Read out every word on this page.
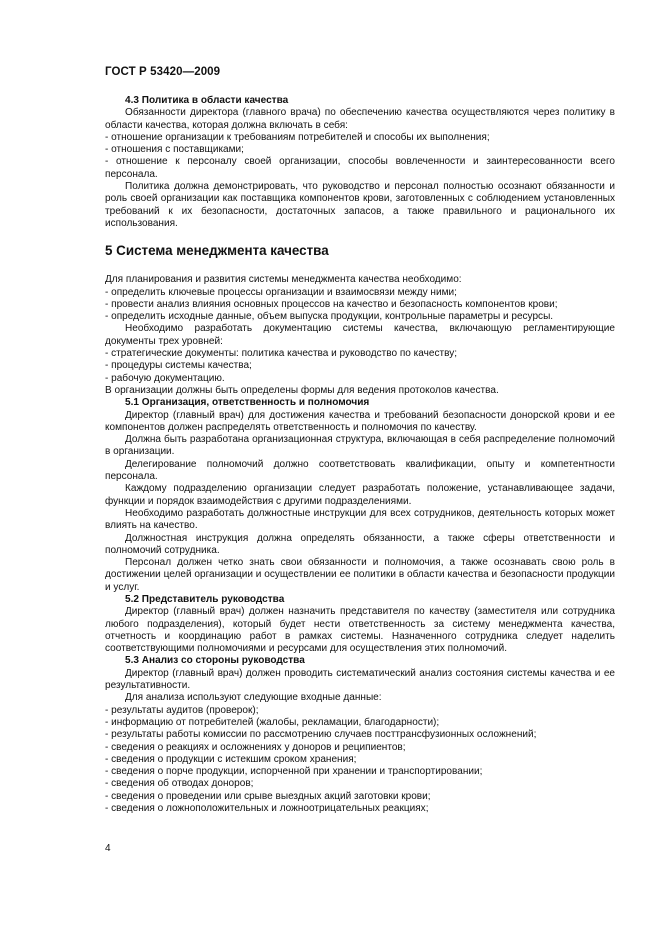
ГОСТ Р 53420—2009

4.3 Политика в области качества

Обязанности директора (главного врача) по обеспечению качества осуществляются через политику в области качества, которая должна включать в себя:

- отношение организации к требованиям потребителей и способы их выполнения;

- отношения с поставщиками;

- отношение к персоналу своей организации, способы вовлеченности и заинтересованности всего персонала.

Политика должна демонстрировать, что руководство и персонал полностью осознают обязанности и роль своей организации как поставщика компонентов крови, заготовленных с соблюдением установленных требований к их безопасности, достаточных запасов, а также правильного и рационального их использования.

5 Система менеджмента качества

Для планирования и развития системы менеджмента качества необходимо:

- определить ключевые процессы организации и взаимосвязи между ними;

- провести анализ влияния основных процессов на качество и безопасность компонентов крови;

- определить исходные данные, объем выпуска продукции, контрольные параметры и ресурсы.

Необходимо разработать документацию системы качества, включающую регламентирующие документы трех уровней:

- стратегические документы: политика качества и руководство по качеству;

- процедуры системы качества;

- рабочую документацию.

В организации должны быть определены формы для ведения протоколов качества.

5.1 Организация, ответственность и полномочия

Директор (главный врач) для достижения качества и требований безопасности донорской крови и ее компонентов должен распределять ответственность и полномочия по качеству.

Должна быть разработана организационная структура, включающая в себя распределение полномочий в организации.

Делегирование полномочий должно соответствовать квалификации, опыту и компетентности персонала.

Каждому подразделению организации следует разработать положение, устанавливающее задачи, функции и порядок взаимодействия с другими подразделениями.

Необходимо разработать должностные инструкции для всех сотрудников, деятельность которых может влиять на качество.

Должностная инструкция должна определять обязанности, а также сферы ответственности и полномочий сотрудника.

Персонал должен четко знать свои обязанности и полномочия, а также осознавать свою роль в достижении целей организации и осуществлении ее политики в области качества и безопасности продукции и услуг.

5.2 Представитель руководства

Директор (главный врач) должен назначить представителя по качеству (заместителя или сотрудника любого подразделения), который будет нести ответственность за систему менеджмента качества, отчетность и координацию работ в рамках системы. Назначенного сотрудника следует наделить соответствующими полномочиями и ресурсами для осуществления этих полномочий.

5.3 Анализ со стороны руководства

Директор (главный врач) должен проводить систематический анализ состояния системы качества и ее результативности.

Для анализа используют следующие входные данные:

- результаты аудитов (проверок);

- информацию от потребителей (жалобы, рекламации, благодарности);

- результаты работы комиссии по рассмотрению случаев посттрансфузионных осложнений;

- сведения о реакциях и осложнениях у доноров и реципиентов;

- сведения о продукции с истекшим сроком хранения;

- сведения о порче продукции, испорченной при хранении и транспортировании;

- сведения об отводах доноров;

- сведения о проведении или срыве выездных акций заготовки крови;

- сведения о ложноположительных и ложноотрицательных реакциях;

4
